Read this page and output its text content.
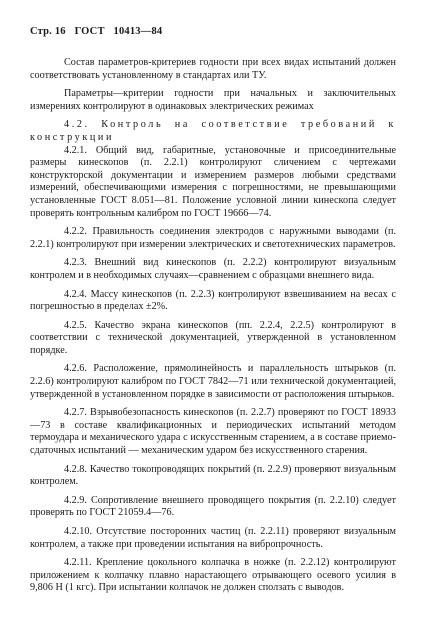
Стр. 16 ГОСТ 10413—84

Состав параметров-критериев годности при всех видах испытаний должен соответствовать установленному в стандартах или ТУ.

Параметры—критерии годности при начальных и заключительных измерениях контролируют в одинаковых электрических режимах

4.2. Контроль на соответствие требований к конструкции

4.2.1. Общий вид, габаритные, установочные и присоединительные размеры кинескопов (п. 2.2.1) контролируют сличением с чертежами конструкторской документации и измерением размеров любыми средствами измерений, обеспечивающими измерения с погрешностями, не превышающими установленные ГОСТ 8.051—81. Положение условной линии кинескопа следует проверять контрольным калибром по ГОСТ 19666—74.

4.2.2. Правильность соединения электродов с наружными выводами (п. 2.2.1) контролируют при измерении электрических и светотехнических параметров.

4.2.3. Внешний вид кинескопов (п. 2.2.2) контролируют визуальным контролем и в необходимых случаях—сравнением с образцами внешнего вида.

4.2.4. Массу кинескопов (п. 2.2.3) контролируют взвешиванием на весах с погрешностью в пределах ±2%.

4.2.5. Качество экрана кинескопов (пп. 2.2.4, 2.2.5) контролируют в соответствии с технической документацией, утвержденной в установленном порядке.

4.2.6. Расположение, прямолинейность и параллельность штырьков (п. 2.2.6) контролируют калибром по ГОСТ 7842—71 или технической документацией, утвержденной в установленном порядке в зависимости от расположения штырьков.

4.2.7. Взрывобезопасность кинескопов (п. 2.2.7) проверяют по ГОСТ 18933—73 в составе квалификационных и периодических испытаний методом термоудара и механического удара с искусственным старением, а в составе приемо-сдаточных испытаний — механическим ударом без искусственного старения.

4.2.8. Качество токопроводящих покрытий (п. 2.2.9) проверяют визуальным контролем.

4.2.9. Сопротивление внешнего проводящего покрытия (п. 2.2.10) следует проверять по ГОСТ 21059.4—76.

4.2.10. Отсутствие посторонних частиц (п. 2.2.11) проверяют визуальным контролем, а также при проведении испытания на вибропрочность.

4.2.11. Крепление цокольного колпачка в ножке (п. 2.2.12) контролируют приложением к колпачку плавно нарастающего отрывающего осевого усилия в 9,806 Н (1 кгс). При испытании колпачок не должен сползать с выводов.
